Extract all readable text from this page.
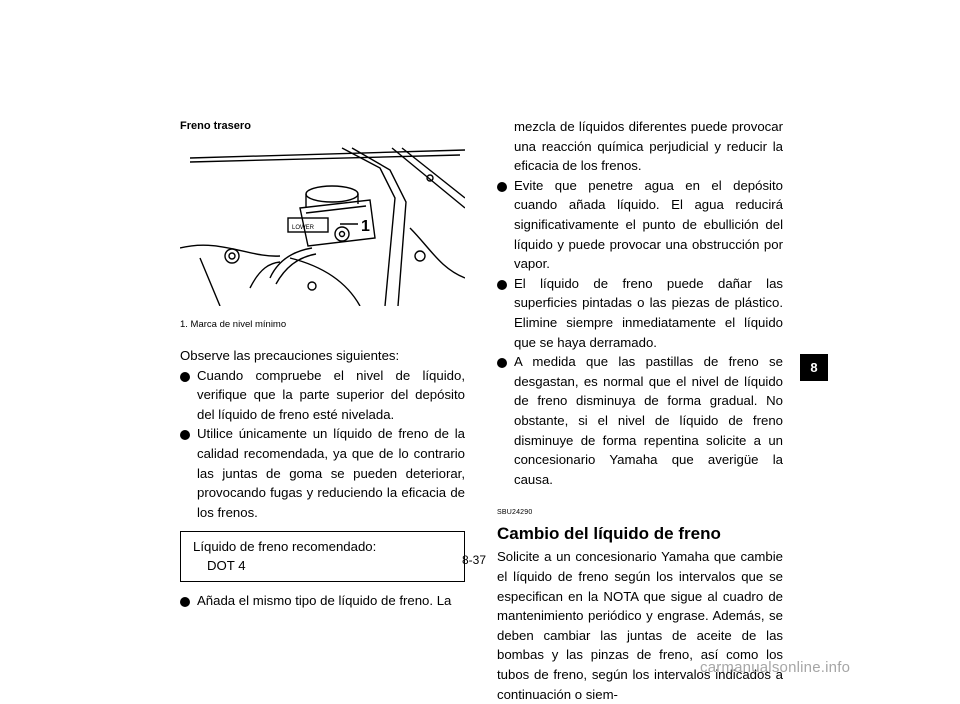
Freno trasero
LOWER	1
1. Marca de nivel mínimo

Observe las precauciones siguientes:

Cuando compruebe el nivel de líquido, verifique que la parte superior del depósito del líquido de freno esté nivelada.
Utilice únicamente un líquido de freno de la calidad recomendada, ya que de lo contrario las juntas de goma se pueden deteriorar, provocando fugas y reduciendo la eficacia de los frenos.
Líquido de freno recomendado:
DOT 4
Añada el mismo tipo de líquido de freno. La
mezcla de líquidos diferentes puede provocar una reacción química perjudicial y reducir la eficacia de los frenos.
Evite que penetre agua en el depósito cuando añada líquido. El agua reducirá significativamente el punto de ebullición del líquido y puede provocar una obstrucción por vapor.
El líquido de freno puede dañar las superficies pintadas o las piezas de plástico. Elimine siempre inmediatamente el líquido que se haya derramado.
A medida que las pastillas de freno se desgastan, es normal que el nivel de líquido de freno disminuya de forma gradual. No obstante, si el nivel de líquido de freno disminuye de forma repentina solicite a un concesionario Yamaha que averigüe la causa.
SBU24290
Cambio del líquido de freno

Solicite a un concesionario Yamaha que cambie el líquido de freno según los intervalos que se especifican en la NOTA que sigue al cuadro de mantenimiento periódico y engrase. Además, se deben cambiar las juntas de aceite de las bombas y las pinzas de freno, así como los tubos de freno, según los intervalos indicados a continuación o siem-

8-37
8
carmanualsonline.info
